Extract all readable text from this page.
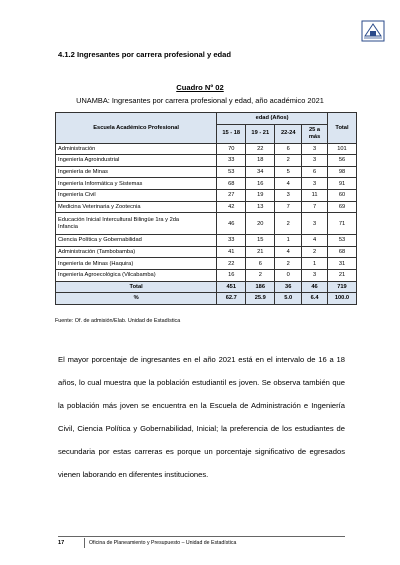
4.1.2 Ingresantes por carrera profesional y edad
Cuadro Nº 02
UNAMBA: Ingresantes por carrera profesional y edad, año académico 2021
Escuela Académico Profesional	edad (Años)				Total
	15 - 18	19 - 21	22-24	25 a
más	
Administración	70	22	6	3	101
Ingeniería Agroindustrial	33	18	2	3	56
Ingeniería de Minas	53	34	5	6	98
Ingeniería Informática y Sistemas	68	16	4	3	91
Ingeniería Civil	27	19	3	11	60
Medicina Veterinaria y Zootecnia	42	13	7	7	69
Educación Inicial Intercultural Bilingüe 1ra y 2da
Infancia	46	20	2	3	71
Ciencia Política y Gobernabilidad	33	15	1	4	53
Administración (Tambobamba)	41	21	4	2	68
Ingeniería de Minas (Haquira)	22	6	2	1	31
Ingeniería Agroecológica (Vilcabamba)	16	2	0	3	21
Total	451	186	36	46	719
%	62.7	25.9	5.0	6.4	100.0
Fuente: Of. de admisión/Elab. Unidad de Estadística
El mayor porcentaje de ingresantes en el año 2021 está en el intervalo de 16 a 18 años, lo cual muestra que la población estudiantil es joven. Se observa también que la población más joven se encuentra en la Escuela de Administración e Ingeniería Civil, Ciencia Política y Gobernabilidad, Inicial; la preferencia de los estudiantes de secundaria por estas carreras es porque un porcentaje significativo de egresados vienen laborando en diferentes instituciones.
17	Oficina de Planeamiento y Presupuesto – Unidad de Estadística
